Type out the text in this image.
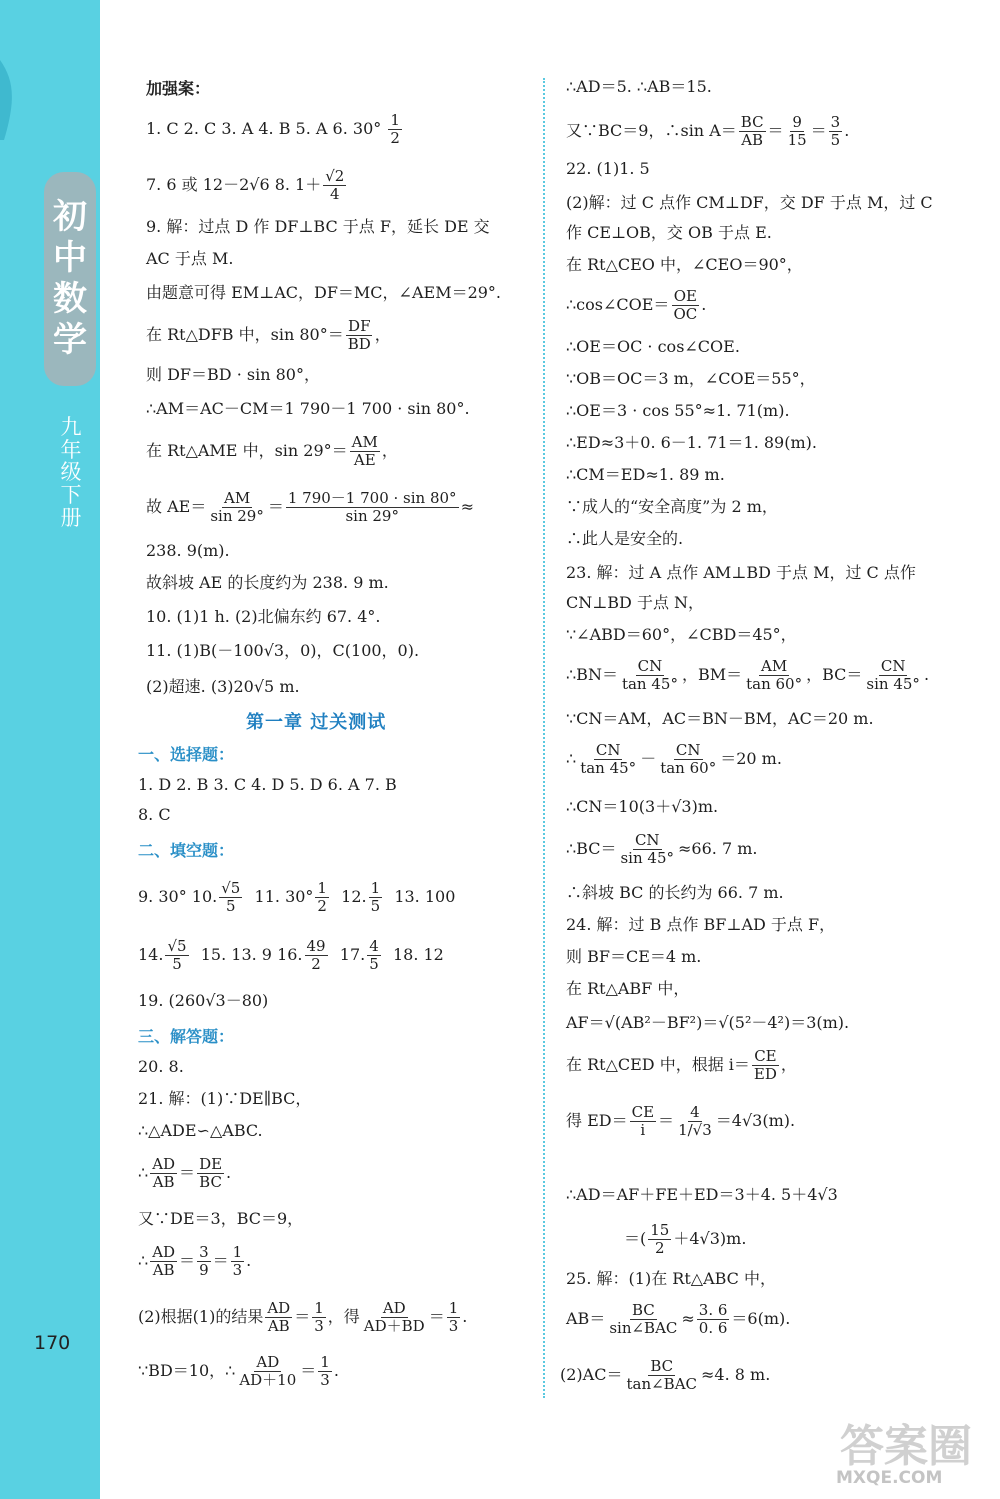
初
中
数
学
九
年
级
下
册
170
加强案：
1. C 2. C 3. A 4. B 5. A 6. $30^\circ \frac{1}{2}$
7. 6 或 12－2√6 8. $1+ \frac{√2}{4}$
9. 解：过点 D 作 DF⊥BC 于点 F，延长 DE 交
AC 于点 M.
由题意可得 EM⊥AC，DF＝MC，∠AEM＝29°.
在 Rt△DFB 中，$\sin 80^\circ= \frac{DF}{BD}$ ，
则 DF＝BD · sin 80°，
∴AM＝AC－CM＝1 790－1 700 · sin 80°.
在 Rt△AME 中，$\sin 29^\circ= \frac{AM}{AE}$ ，
故 $AE= \frac{AM}{\sin 29^\circ} = \frac{1 790-1 700 \cdot \sin 80^\circ}{\sin 29^\circ}$ ≈
238. 9(m).
故斜坡 AE 的长度约为 238. 9 m.
10. (1)1 h. (2)北偏东约 67. 4°.
11. (1)B(－100√3，0)，C(100，0).
(2)超速. (3)20√5 m.
第一章 过关测试
一、选择题：
1. D 2. B 3. C 4. D 5. D 6. A 7. B
8. C
二、填空题：
9. 30° 10. $\frac{√5}{5} 11$. $30^\circ \frac{1}{2} 12$. $\frac{1}{5} 13$. 100
14. $\frac{√5}{5} 15$. 13. 9 16. $\frac{49}{2} 17$. $\frac{4}{5} 18$. 12
19. (260√3－80)
三、解答题：
20. 8.
21. 解：(1)∵DE∥BC，
∴△ADE∽△ABC.
∴ $\frac{AD}{AB} = \frac{DE}{BC}$ .
又∵DE＝3，BC＝9，
∴ $\frac{AD}{AB} = \frac{3}{9} = \frac{1}{3}$ .
(2)根据(1)的结果 $\frac{AD}{AB} = \frac{1}{3}$ ，得 $\frac{AD}{AD+BD} = \frac{1}{3}$ .
∵BD＝10，∴ $\frac{AD}{AD+10} = \frac{1}{3}$ .
∴AD＝5. ∴AB＝15.
又∵BC＝9，∴sin $A= \frac{BC}{AB} = \frac{9}{15} = \frac{3}{5}$ .
22. (1)1. 5
(2)解：过 C 点作 CM⊥DF，交 DF 于点 M，过 C
作 CE⊥OB，交 OB 于点 E.
在 Rt△CEO 中，∠CEO＝90°，
∴cos∠COE＝ $\frac{OE}{OC}$ .
∴OE＝OC · cos∠COE.
∵OB＝OC＝3 m，∠COE＝55°，
∴OE＝3 · cos 55°≈1. 71(m).
∴ED≈3＋0. 6－1. 71＝1. 89(m).
∴CM＝ED≈1. 89 m.
∵成人的“安全高度”为 2 m，
∴此人是安全的.
23. 解：过 A 点作 AM⊥BD 于点 M，过 C 点作
CN⊥BD 于点 N，
∵∠ABD＝60°，∠CBD＝45°，
∴BN＝ $\frac{CN}{\tan 45^\circ}$ ，$BM= \frac{AM}{\tan 60^\circ}$ ，$BC= \frac{CN}{\sin 45^\circ}$ .
∵CN＝AM，AC＝BN－BM，AC＝20 m.
∴ $\frac{CN}{\tan 45^\circ} - \frac{CN}{\tan 60^\circ} =20$ m.
∴CN＝10(3＋√3)m.
∴BC＝ $\frac{CN}{\sin 45^\circ} \approx 66$. 7 m.
∴斜坡 BC 的长约为 66. 7 m.
24. 解：过 B 点作 BF⊥AD 于点 F，
则 BF＝CE＝4 m.
在 Rt△ABF 中，
AF＝√(AB²－BF²)＝√(5²－4²)＝3(m).
在 Rt△CED 中，根据 $i= \frac{CE}{ED}$ ，
得 $ED= \frac{CE}{i} = \frac{4}{1/√3} =4√3(m)$.
∴AD＝AF＋FE＋ED＝3＋4. 5＋4√3
＝( $\frac{15}{2} +4√3)m$.
25. 解：(1)在 Rt△ABC 中，
$AB= \frac{BC}{\text{sin∠BAC}} \approx \frac{3. 6}{0. 6} =6(m)$.
$(2)AC= \frac{BC}{\text{tan∠BAC}} \approx 4$. 8 m.
答案圈
MXQE.COM
